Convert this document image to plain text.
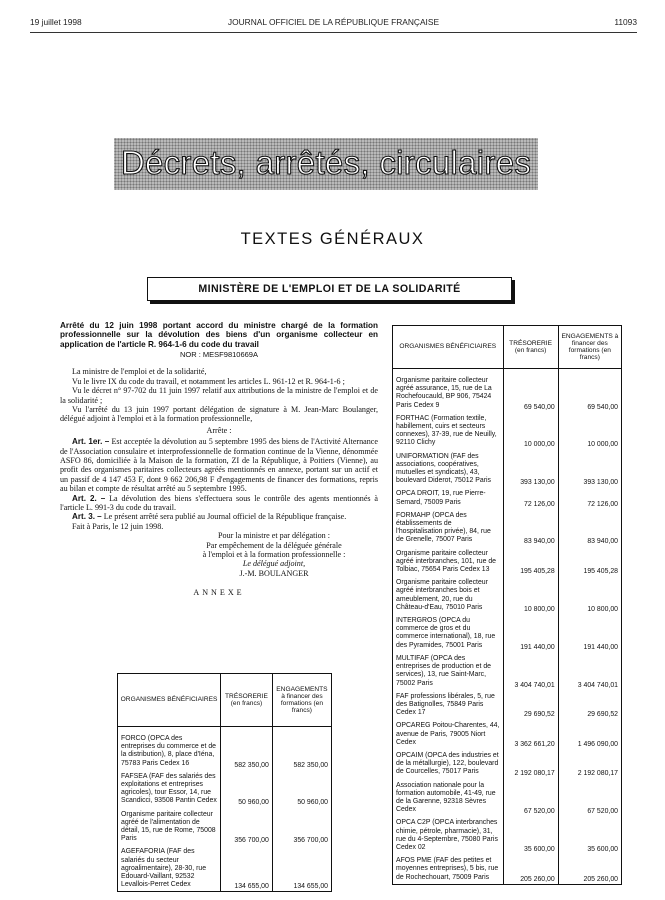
19 juillet 1998	JOURNAL OFFICIEL DE LA RÉPUBLIQUE FRANÇAISE	11093
Décrets, arrêtés, circulaires
TEXTES GÉNÉRAUX
MINISTÈRE DE L'EMPLOI ET DE LA SOLIDARITÉ
Arrêté du 12 juin 1998 portant accord du ministre chargé de la formation professionnelle sur la dévolution des biens d'un organisme collecteur en application de l'article R. 964-1-6 du code du travail
NOR : MESF9810669A

La ministre de l'emploi et de la solidarité,

Vu le livre IX du code du travail, et notamment les articles L. 961-12 et R. 964-1-6 ;

Vu le décret n° 97-702 du 11 juin 1997 relatif aux attributions de la ministre de l'emploi et de la solidarité ;

Vu l'arrêté du 13 juin 1997 portant délégation de signature à M. Jean-Marc Boulanger, délégué adjoint à l'emploi et à la formation professionnelle,

Arrête :

Art. 1er. – Est acceptée la dévolution au 5 septembre 1995 des biens de l'Activité Alternance de l'Association consulaire et interprofessionnelle de formation continue de la Vienne, dénommée ASFO 86, domiciliée à la Maison de la formation, ZI de la République, à Poitiers (Vienne), au profit des organismes paritaires collecteurs agréés mentionnés en annexe, portant sur un actif et un passif de 4 147 453 F, dont 9 662 206,98 F d'engagements de financer des formations, repris au bilan et compte de résultat arrêté au 5 septembre 1995.

Art. 2. – La dévolution des biens s'effectuera sous le contrôle des agents mentionnés à l'article L. 991-3 du code du travail.

Art. 3. – Le présent arrêté sera publié au Journal officiel de la République française.

Fait à Paris, le 12 juin 1998.

Pour la ministre et par délégation :
Par empêchement de la déléguée générale
à l'emploi et à la formation professionnelle :
Le délégué adjoint,
J.-M. BOULANGER
ANNEXE
ORGANISMES BÉNÉFICIAIRES	TRÉSORERIE (en francs)	ENGAGEMENTS à financer des formations (en francs)

FORCO (OPCA des entreprises du commerce et de la distribution), 8, place d'Iéna, 75783 Paris Cedex 16	582 350,00	582 350,00
FAFSEA (FAF des salariés des exploitations et entreprises agricoles), tour Essor, 14, rue Scandicci, 93508 Pantin Cedex	50 960,00	50 960,00
Organisme paritaire collecteur agréé de l'alimentation de détail, 15, rue de Rome, 75008 Paris	356 700,00	356 700,00
AGEFAFORIA (FAF des salariés du secteur agroalimentaire), 28-30, rue Edouard-Vaillant, 92532 Levallois-Perret Cedex	134 655,00	134 655,00
ORGANISMES BÉNÉFICIAIRES	TRÉSORERIE (en francs)	ENGAGEMENTS à financer des formations (en francs)

Organisme paritaire collecteur agréé assurance, 15, rue de La Rochefoucauld, BP 906, 75424 Paris Cedex 9	69 540,00	69 540,00
FORTHAC (Formation textile, habillement, cuirs et secteurs connexes), 37-39, rue de Neuilly, 92110 Clichy	10 000,00	10 000,00
UNIFORMATION (FAF des associations, coopératives, mutuelles et syndicats), 43, boulevard Diderot, 75012 Paris	393 130,00	393 130,00
OPCA DROIT, 19, rue Pierre-Semard, 75009 Paris	72 126,00	72 126,00
FORMAHP (OPCA des établissements de l'hospitalisation privée), 84, rue de Grenelle, 75007 Paris	83 940,00	83 940,00
Organisme paritaire collecteur agréé interbranches, 101, rue de Tolbiac, 75654 Paris Cedex 13	195 405,28	195 405,28
Organisme paritaire collecteur agréé interbranches bois et ameublement, 20, rue du Château-d'Eau, 75010 Paris	10 800,00	10 800,00
INTERGROS (OPCA du commerce de gros et du commerce international), 18, rue des Pyramides, 75001 Paris	191 440,00	191 440,00
MULTIFAF (OPCA des entreprises de production et de services), 13, rue Saint-Marc, 75002 Paris	3 404 740,01	3 404 740,01
FAF professions libérales, 5, rue des Batignolles, 75849 Paris Cedex 17	29 690,52	29 690,52
OPCAREG Poitou-Charentes, 44, avenue de Paris, 79005 Niort Cedex	3 362 661,20	1 496 090,00
OPCAIM (OPCA des industries et de la métallurgie), 122, boulevard de Courcelles, 75017 Paris	2 192 080,17	2 192 080,17
Association nationale pour la formation automobile, 41-49, rue de la Garenne, 92318 Sèvres Cedex	67 520,00	67 520,00
OPCA C2P (OPCA interbranches chimie, pétrole, pharmacie), 31, rue du 4-Septembre, 75080 Paris Cedex 02	35 600,00	35 600,00
AFOS PME (FAF des petites et moyennes entreprises), 5 bis, rue de Rochechouart, 75009 Paris	205 260,00	205 260,00
